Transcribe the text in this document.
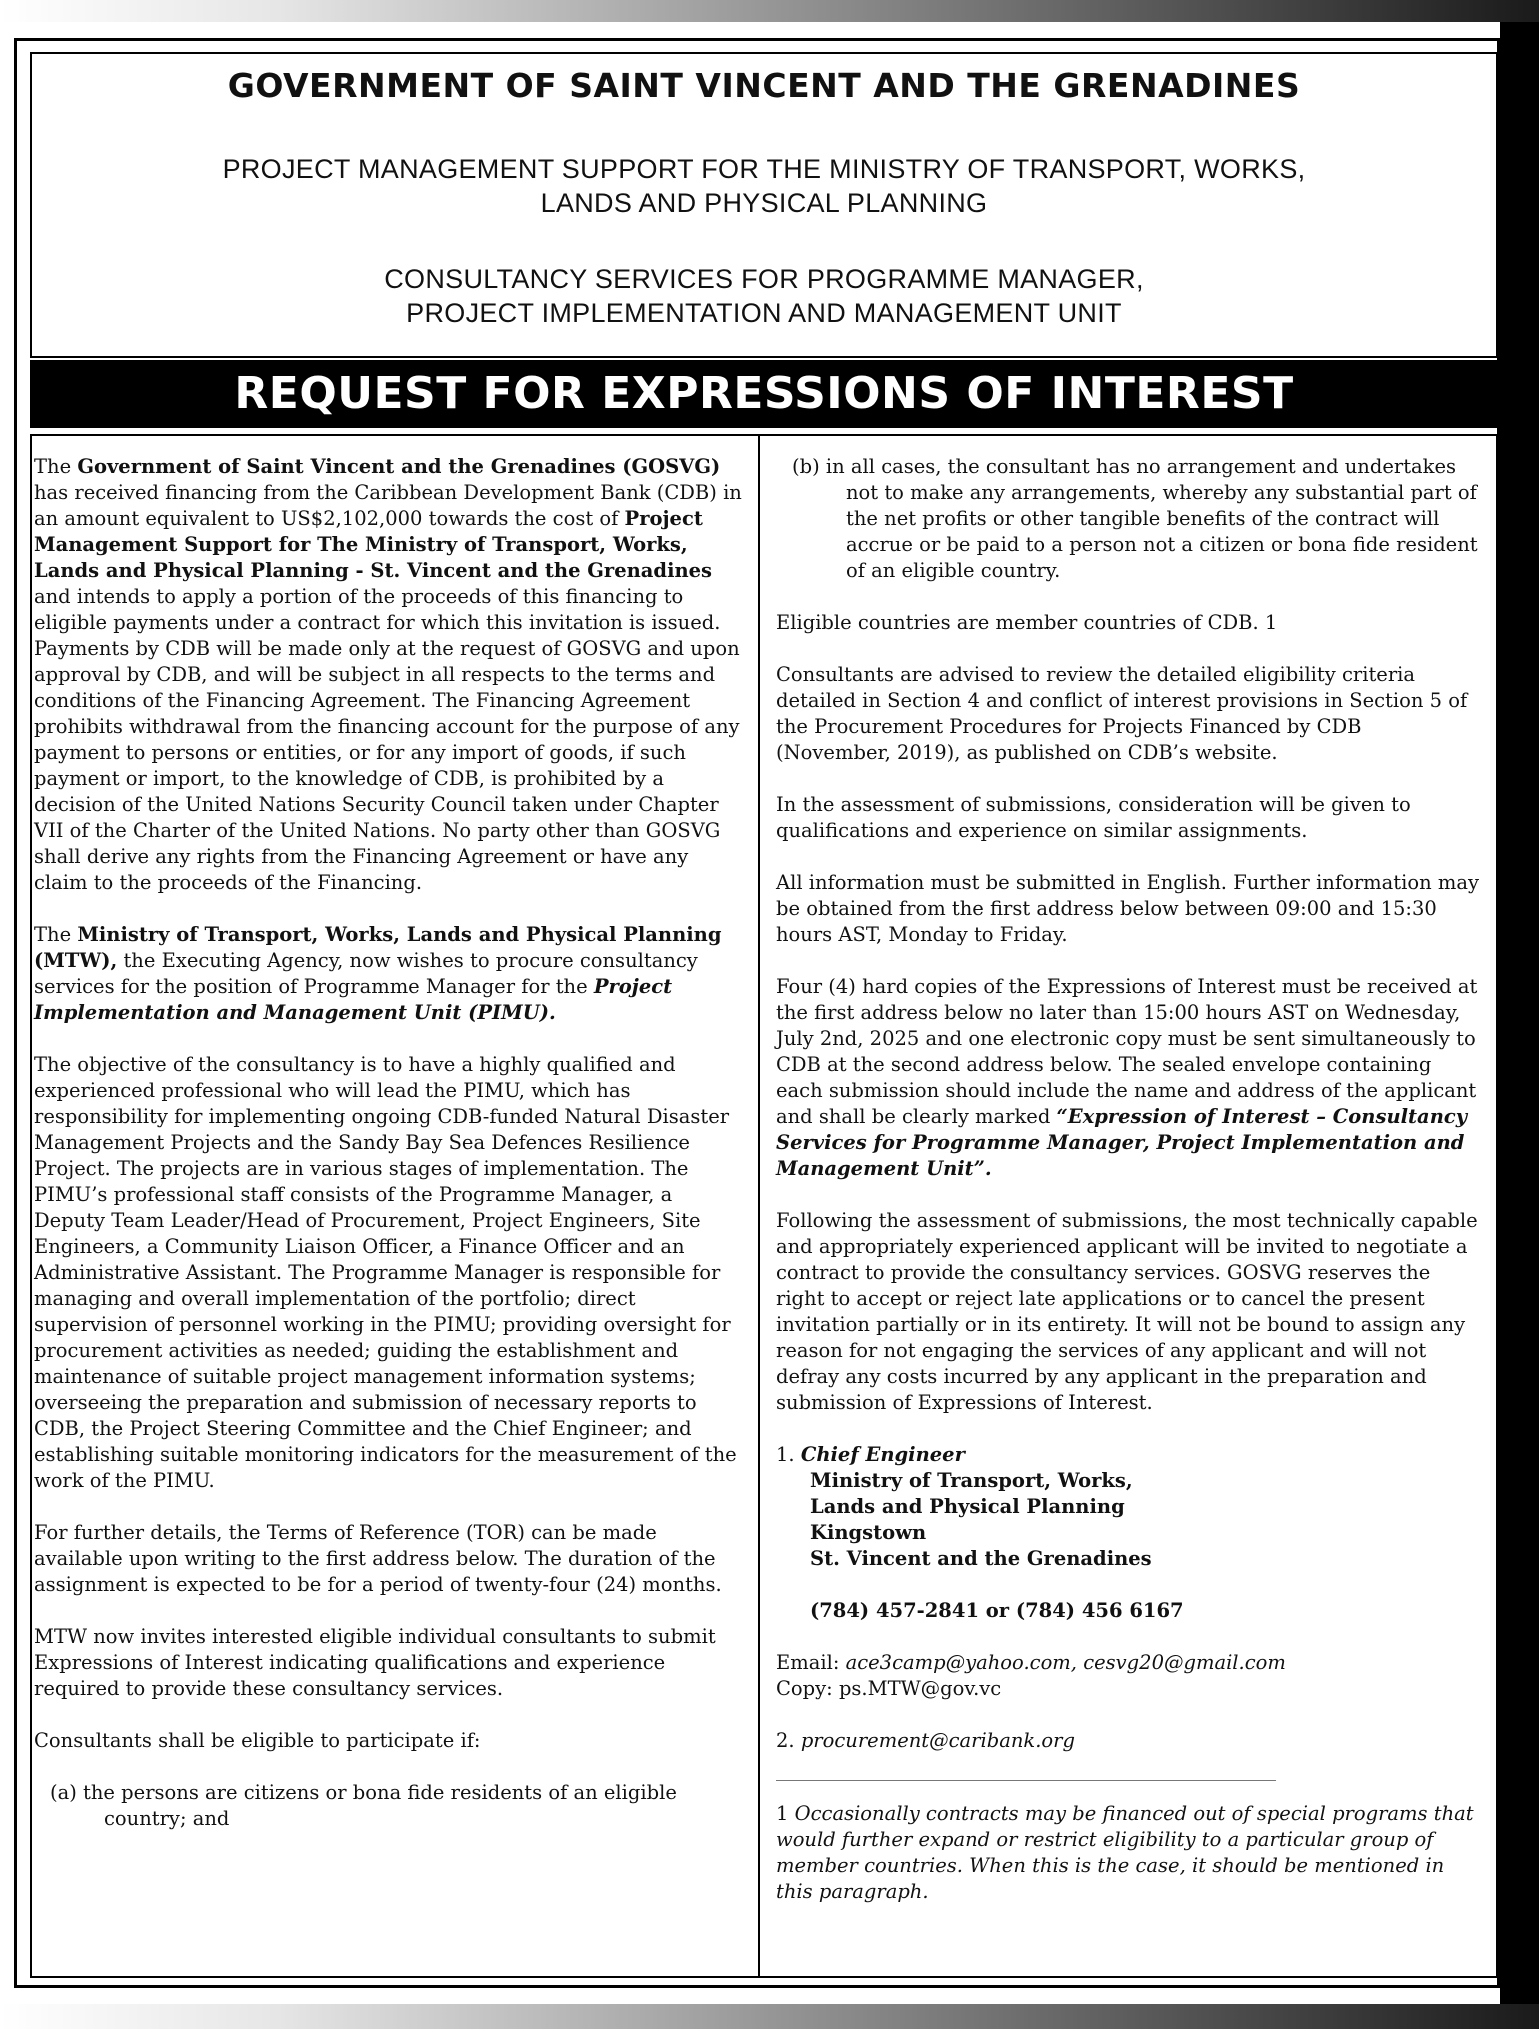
GOVERNMENT OF SAINT VINCENT AND THE GRENADINES
PROJECT MANAGEMENT SUPPORT FOR THE MINISTRY OF TRANSPORT, WORKS,
LANDS AND PHYSICAL PLANNING
CONSULTANCY SERVICES FOR PROGRAMME MANAGER,
PROJECT IMPLEMENTATION AND MANAGEMENT UNIT
REQUEST FOR EXPRESSIONS OF INTEREST

The Government of Saint Vincent and the Grenadines (GOSVG) has received financing from the Caribbean Development Bank (CDB) in an amount equivalent to US$2,102,000 towards the cost of Project Management Support for The Ministry of Transport, Works, Lands and Physical Planning - St. Vincent and the Grenadines and intends to apply a portion of the proceeds of this financing to eligible payments under a contract for which this invitation is issued. Payments by CDB will be made only at the request of GOSVG and upon approval by CDB, and will be subject in all respects to the terms and conditions of the Financing Agreement. The Financing Agreement prohibits withdrawal from the financing account for the purpose of any payment to persons or entities, or for any import of goods, if such payment or import, to the knowledge of CDB, is prohibited by a decision of the United Nations Security Council taken under Chapter VII of the Charter of the United Nations. No party other than GOSVG shall derive any rights from the Financing Agreement or have any claim to the proceeds of the Financing.

The Ministry of Transport, Works, Lands and Physical Planning (MTW), the Executing Agency, now wishes to procure consultancy services for the position of Programme Manager for the Project Implementation and Management Unit (PIMU).

The objective of the consultancy is to have a highly qualified and experienced professional who will lead the PIMU, which has responsibility for implementing ongoing CDB-funded Natural Disaster Management Projects and the Sandy Bay Sea Defences Resilience Project. The projects are in various stages of implementation. The PIMU’s professional staff consists of the Programme Manager, a Deputy Team Leader/Head of Procurement, Project Engineers, Site Engineers, a Community Liaison Officer, a Finance Officer and an Administrative Assistant. The Programme Manager is responsible for managing and overall implementation of the portfolio; direct supervision of personnel working in the PIMU; providing oversight for procurement activities as needed; guiding the establishment and maintenance of suitable project management information systems; overseeing the preparation and submission of necessary reports to CDB, the Project Steering Committee and the Chief Engineer; and establishing suitable monitoring indicators for the measurement of the work of the PIMU.

For further details, the Terms of Reference (TOR) can be made available upon writing to the first address below. The duration of the assignment is expected to be for a period of twenty-four (24) months.

MTW now invites interested eligible individual consultants to submit Expressions of Interest indicating qualifications and experience required to provide these consultancy services.

Consultants shall be eligible to participate if:

(a) the persons are citizens or bona fide residents of an eligible country; and

(b) in all cases, the consultant has no arrangement and undertakes not to make any arrangements, whereby any substantial part of the net profits or other tangible benefits of the contract will accrue or be paid to a person not a citizen or bona fide resident of an eligible country.

Eligible countries are member countries of CDB. 1

Consultants are advised to review the detailed eligibility criteria detailed in Section 4 and conflict of interest provisions in Section 5 of the Procurement Procedures for Projects Financed by CDB (November, 2019), as published on CDB’s website.

In the assessment of submissions, consideration will be given to qualifications and experience on similar assignments.

All information must be submitted in English. Further information may be obtained from the first address below between 09:00 and 15:30 hours AST, Monday to Friday.

Four (4) hard copies of the Expressions of Interest must be received at the first address below no later than 15:00 hours AST on Wednesday, July 2nd, 2025 and one electronic copy must be sent simultaneously to CDB at the second address below. The sealed envelope containing each submission should include the name and address of the applicant and shall be clearly marked “Expression of Interest – Consultancy Services for Programme Manager, Project Implementation and Management Unit”.

Following the assessment of submissions, the most technically capable and appropriately experienced applicant will be invited to negotiate a contract to provide the consultancy services. GOSVG reserves the right to accept or reject late applications or to cancel the present invitation partially or in its entirety. It will not be bound to assign any reason for not engaging the services of any applicant and will not defray any costs incurred by any applicant in the preparation and submission of Expressions of Interest.

1. Chief Engineer
Ministry of Transport, Works,
Lands and Physical Planning
Kingstown
St. Vincent and the Grenadines

(784) 457-2841 or (784) 456 6167

Email: ace3camp@yahoo.com, cesvg20@gmail.com

Copy: ps.MTW@gov.vc

2. procurement@caribank.org

1 Occasionally contracts may be financed out of special programs that would further expand or restrict eligibility to a particular group of member countries. When this is the case, it should be mentioned in this paragraph.
